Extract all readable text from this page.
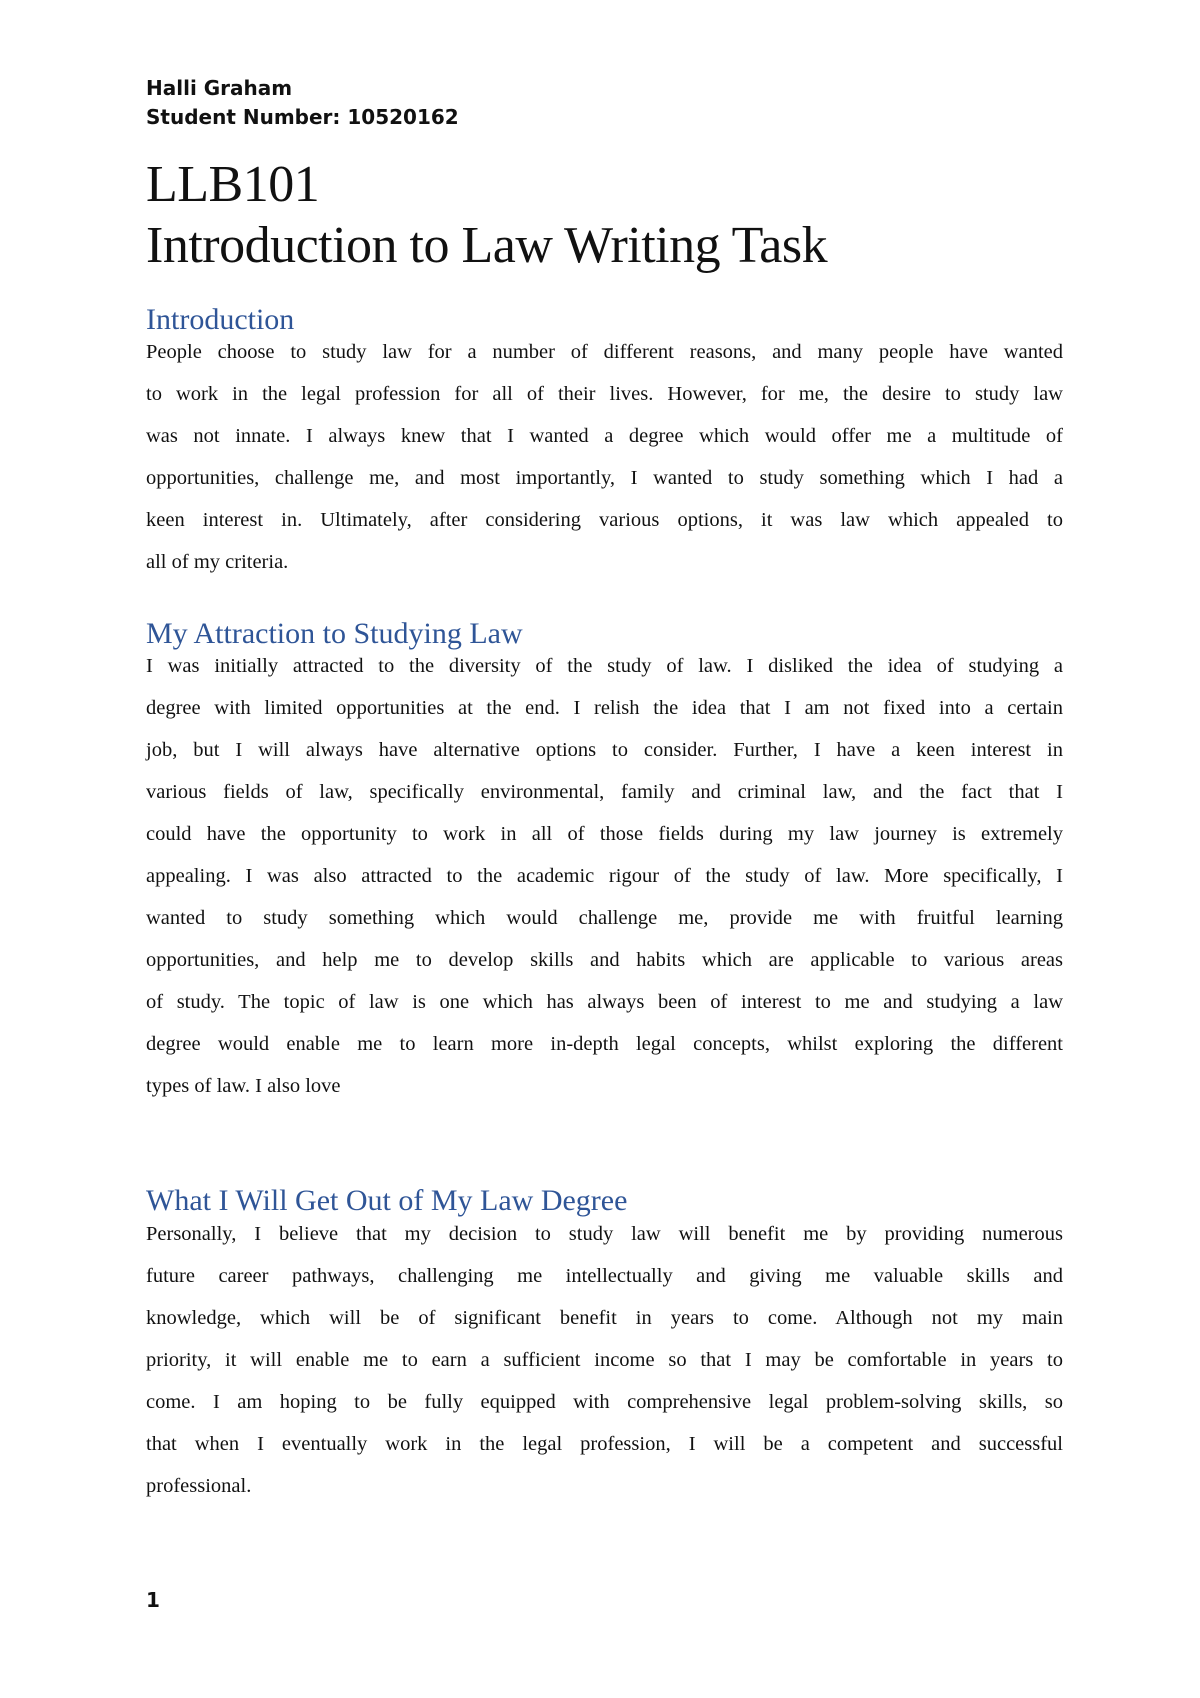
Halli Graham
Student Number: 10520162
LLB101
Introduction to Law Writing Task
Introduction
People choose to study law for a number of different reasons, and many people have wanted
to work in the legal profession for all of their lives. However, for me, the desire to study law
was not innate. I always knew that I wanted a degree which would offer me a multitude of
opportunities, challenge me, and most importantly, I wanted to study something which I had a
keen interest in. Ultimately, after considering various options, it was law which appealed to
all of my criteria.
My Attraction to Studying Law
I was initially attracted to the diversity of the study of law. I disliked the idea of studying a
degree with limited opportunities at the end. I relish the idea that I am not fixed into a certain
job, but I will always have alternative options to consider. Further, I have a keen interest in
various fields of law, specifically environmental, family and criminal law, and the fact that I
could have the opportunity to work in all of those fields during my law journey is extremely
appealing. I was also attracted to the academic rigour of the study of law. More specifically, I
wanted to study something which would challenge me, provide me with fruitful learning
opportunities, and help me to develop skills and habits which are applicable to various areas
of study. The topic of law is one which has always been of interest to me and studying a law
degree would enable me to learn more in-depth legal concepts, whilst exploring the different
types of law. I also love
What I Will Get Out of My Law Degree
Personally, I believe that my decision to study law will benefit me by providing numerous
future career pathways, challenging me intellectually and giving me valuable skills and
knowledge, which will be of significant benefit in years to come. Although not my main
priority, it will enable me to earn a sufficient income so that I may be comfortable in years to
come. I am hoping to be fully equipped with comprehensive legal problem-solving skills, so
that when I eventually work in the legal profession, I will be a competent and successful
professional.
1
